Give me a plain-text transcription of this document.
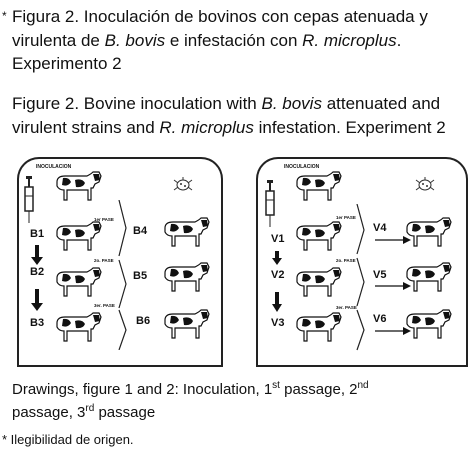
* Figura 2. Inoculación de bovinos con cepas atenuada y
virulenta de B. bovis e infestación con R. microplus.
Experimento 2
Figure 2. Bovine inoculation with B. bovis attenuated and
virulent strains and R. microplus infestation. Experiment 2
INOCULACION
B1
B2
B3
B4
B5
B6
1er PASE
2o. PASE
3er. PASE
INOCULACION
V1
V2
V3
V4
V5
V6
1er PASE
2o. PASE
3er. PASE
Drawings, figure 1 and 2: Inoculation, 1st passage, 2nd
passage, 3rd passage
* Ilegibilidad de origen.
